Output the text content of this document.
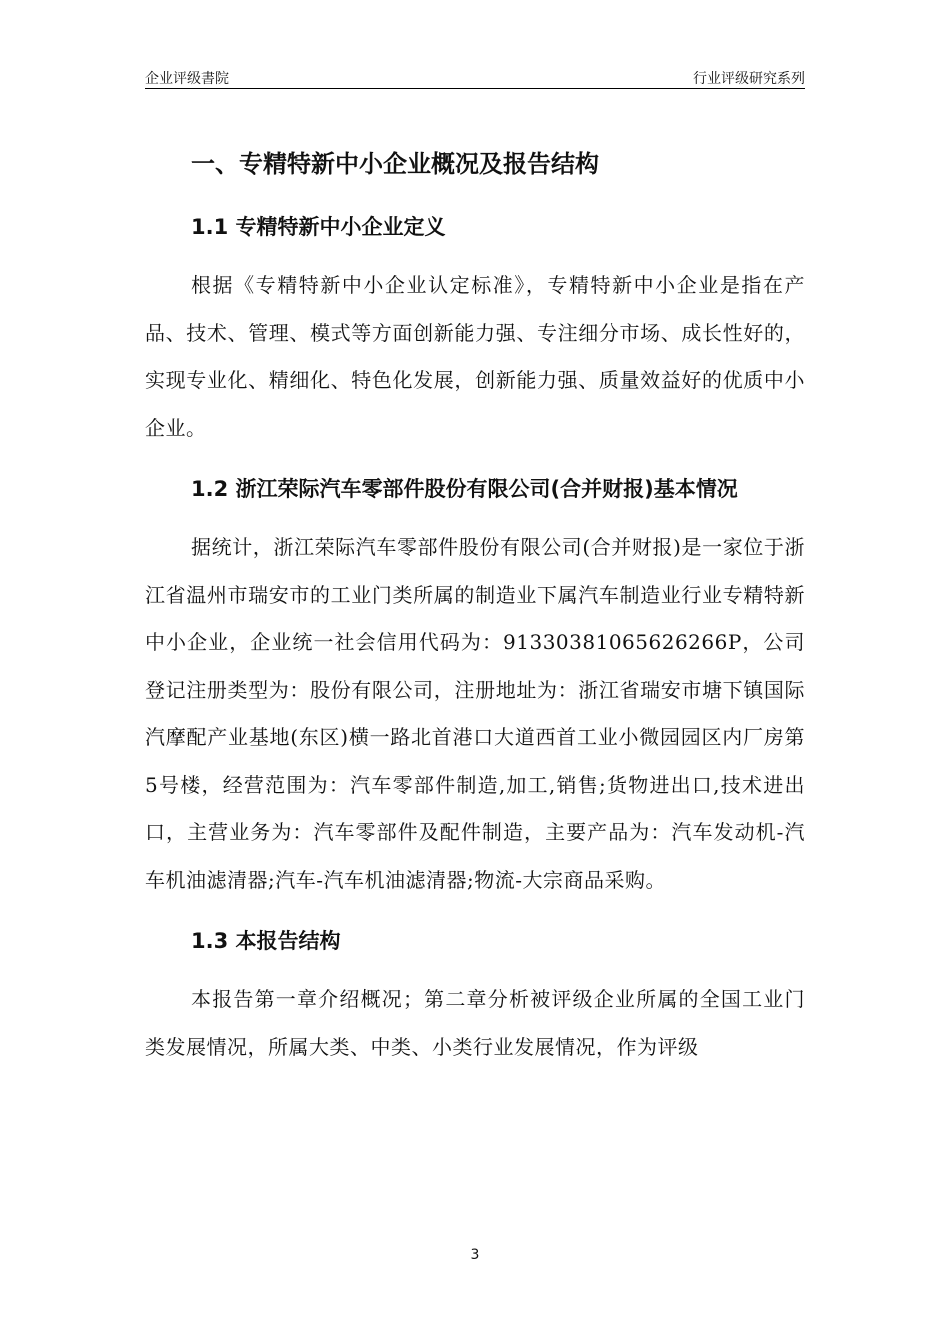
企业评级書院	行业评级研究系列
一、专精特新中小企业概况及报告结构
1.1 专精特新中小企业定义

根据《专精特新中小企业认定标准》，专精特新中小企业是指在产品、技术、管理、模式等方面创新能力强、专注细分市场、成长性好的，实现专业化、精细化、特色化发展，创新能力强、质量效益好的优质中小企业。

1.2 浙江荣际汽车零部件股份有限公司(合并财报)基本情况

据统计，浙江荣际汽车零部件股份有限公司(合并财报)是一家位于浙江省温州市瑞安市的工业门类所属的制造业下属汽车制造业行业专精特新中小企业，企业统一社会信用代码为：91330381065626266P，公司登记注册类型为：股份有限公司，注册地址为：浙江省瑞安市塘下镇国际汽摩配产业基地(东区)横一路北首港口大道西首工业小微园园区内厂房第5号楼，经营范围为：汽车零部件制造,加工,销售;货物进出口,技术进出口，主营业务为：汽车零部件及配件制造，主要产品为：汽车发动机-汽车机油滤清器;汽车-汽车机油滤清器;物流-大宗商品采购。

1.3 本报告结构

本报告第一章介绍概况；第二章分析被评级企业所属的全国工业门类发展情况，所属大类、中类、小类行业发展情况，作为评级

3
